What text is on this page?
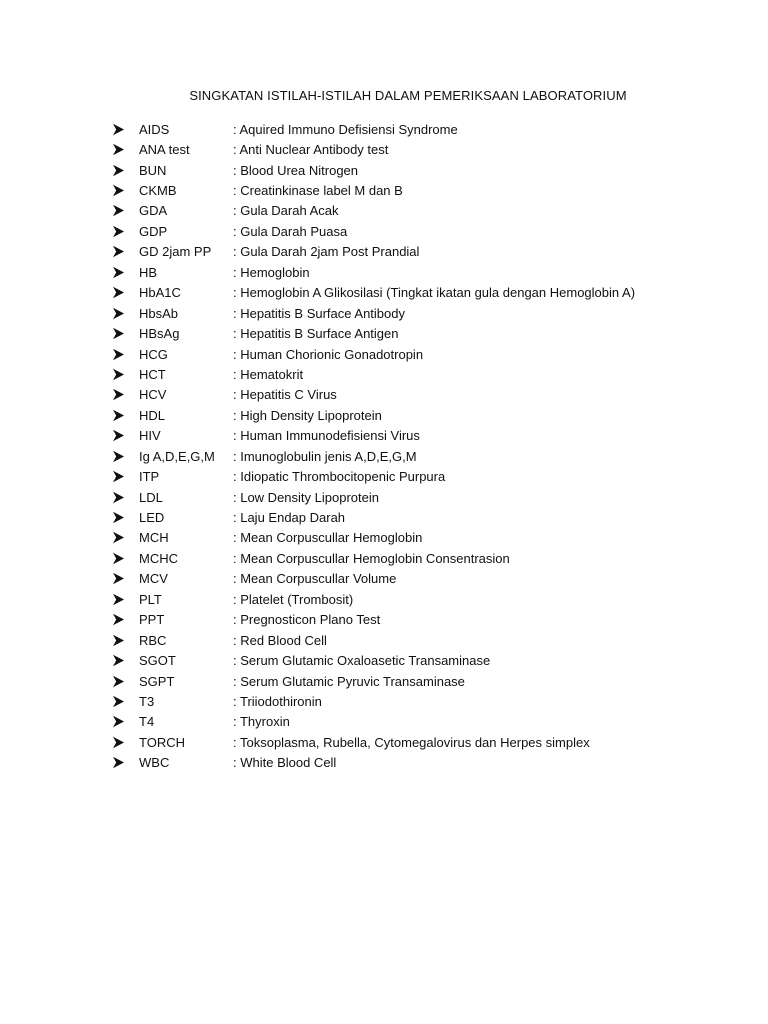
SINGKATAN ISTILAH-ISTILAH DALAM PEMERIKSAAN LABORATORIUM
AIDS	: Aquired Immuno Defisiensi Syndrome
ANA test	: Anti Nuclear Antibody test
BUN	: Blood Urea Nitrogen
CKMB	: Creatinkinase label M dan B
GDA	: Gula Darah Acak
GDP	: Gula Darah Puasa
GD 2jam PP	: Gula Darah 2jam Post Prandial
HB	: Hemoglobin
HbA1C	: Hemoglobin A Glikosilasi (Tingkat ikatan gula dengan Hemoglobin A)
HbsAb	: Hepatitis B Surface Antibody
HBsAg	: Hepatitis B Surface Antigen
HCG	: Human Chorionic Gonadotropin
HCT	: Hematokrit
HCV	: Hepatitis C Virus
HDL	: High Density Lipoprotein
HIV	: Human Immunodefisiensi Virus
Ig A,D,E,G,M	: Imunoglobulin jenis A,D,E,G,M
ITP	: Idiopatic Thrombocitopenic Purpura
LDL	: Low Density Lipoprotein
LED	: Laju Endap Darah
MCH	: Mean Corpuscullar Hemoglobin
MCHC	: Mean Corpuscullar Hemoglobin Consentrasion
MCV	: Mean Corpuscullar Volume
PLT	: Platelet (Trombosit)
PPT	: Pregnosticon Plano Test
RBC	: Red Blood Cell
SGOT	: Serum Glutamic Oxaloasetic Transaminase
SGPT	: Serum Glutamic Pyruvic Transaminase
T3	: Triiodothironin
T4	: Thyroxin
TORCH	: Toksoplasma, Rubella, Cytomegalovirus dan Herpes simplex
WBC	: White Blood Cell
